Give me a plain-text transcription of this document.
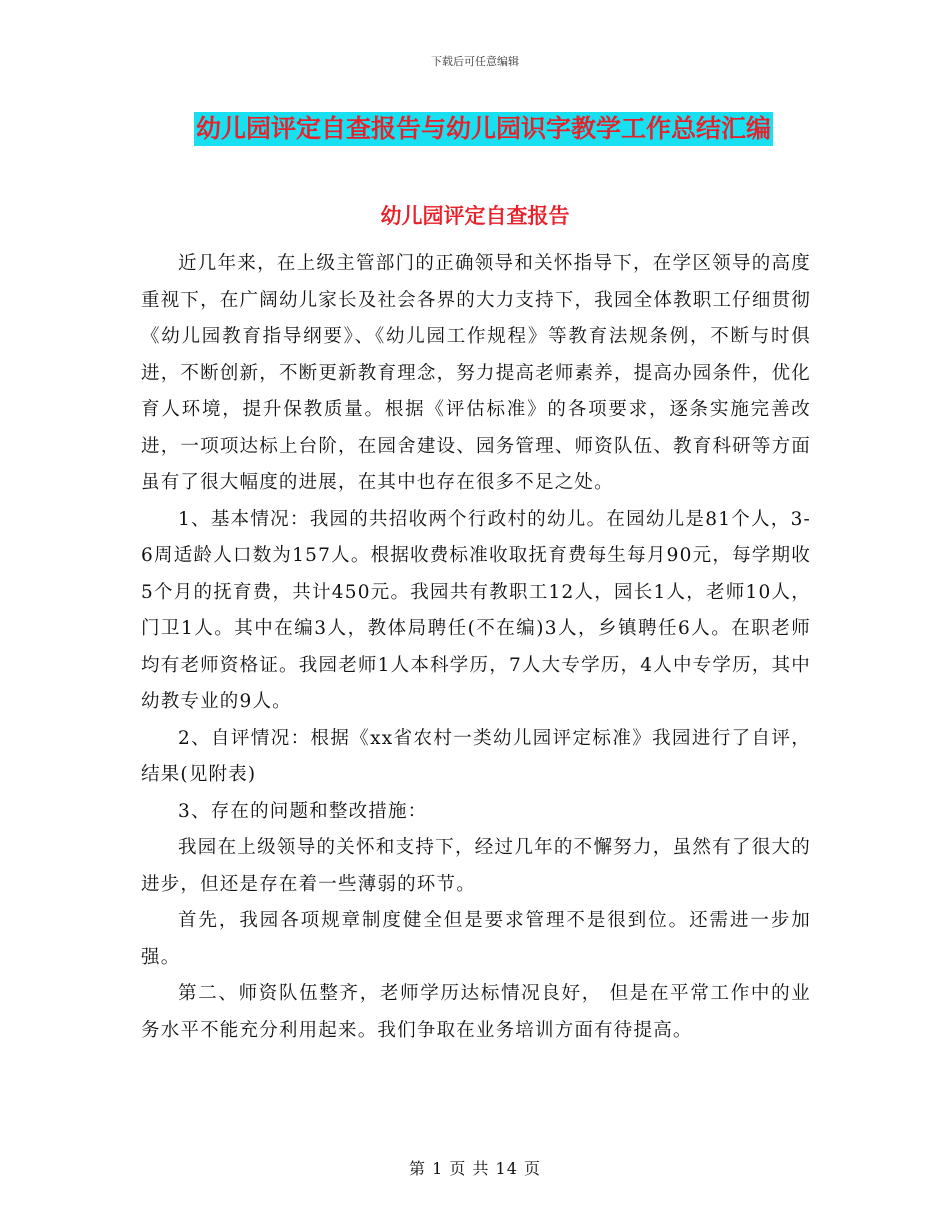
下载后可任意编辑
幼儿园评定自查报告与幼儿园识字教学工作总结汇编
幼儿园评定自查报告

近几年来，在上级主管部门的正确领导和关怀指导下，在学区领导的高度重视下，在广阔幼儿家长及社会各界的大力支持下，我园全体教职工仔细贯彻《幼儿园教育指导纲要》、《幼儿园工作规程》等教育法规条例，不断与时俱进，不断创新，不断更新教育理念，努力提高老师素养，提高办园条件，优化育人环境，提升保教质量。根据《评估标准》的各项要求，逐条实施完善改进，一项项达标上台阶，在园舍建设、园务管理、师资队伍、教育科研等方面虽有了很大幅度的进展，在其中也存在很多不足之处。

1、基本情况：我园的共招收两个行政村的幼儿。在园幼儿是81个人，3-6周适龄人口数为157人。根据收费标准收取抚育费每生每月90元，每学期收5个月的抚育费，共计450元。我园共有教职工12人，园长1人，老师10人，门卫1人。其中在编3人，教体局聘任(不在编)3人，乡镇聘任6人。在职老师均有老师资格证。我园老师1人本科学历，7人大专学历，4人中专学历，其中幼教专业的9人。

2、自评情况：根据《xx省农村一类幼儿园评定标准》我园进行了自评，结果(见附表)

3、存在的问题和整改措施：

我园在上级领导的关怀和支持下，经过几年的不懈努力，虽然有了很大的进步，但还是存在着一些薄弱的环节。

首先，我园各项规章制度健全但是要求管理不是很到位。还需进一步加强。

第二、师资队伍整齐，老师学历达标情况良好， 但是在平常工作中的业务水平不能充分利用起来。我们争取在业务培训方面有待提高。

第 1 页 共 14 页
